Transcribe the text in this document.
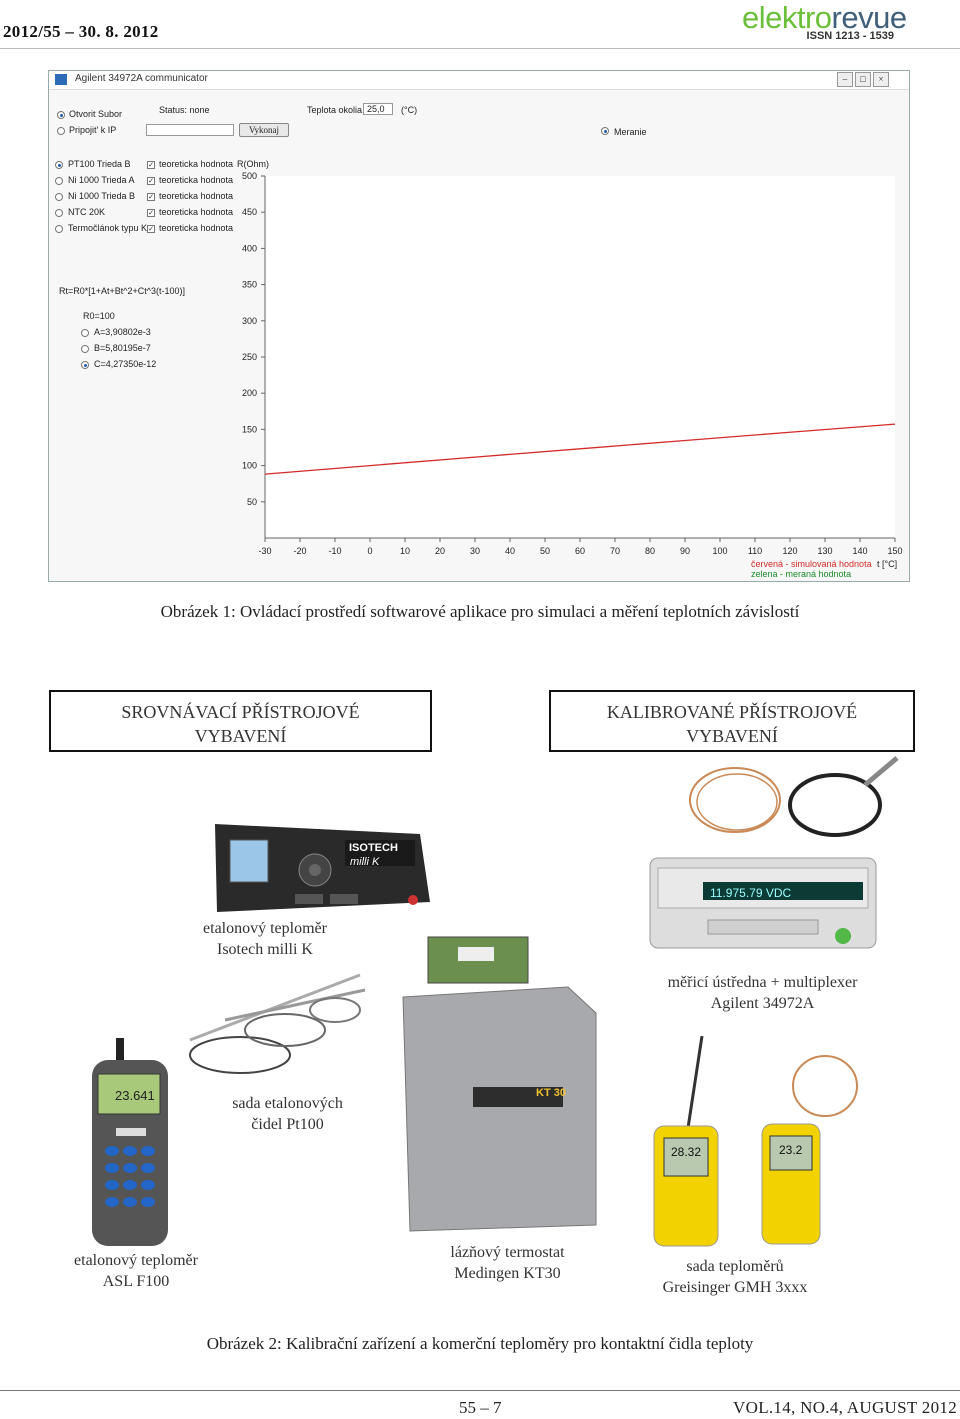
2012/55 – 30. 8. 2012	elektrorevue
ISSN 1213 - 1539
Agilent 34972A communicator	–	□	×
Otvorit Subor
Pripojit' k IP
Status: none
Vykonaj
Teplota okolia 25,0	(°C)
Meranie
PT100 Trieda B	✓ teoreticka hodnota
Ni 1000 Trieda A ✓ teoreticka hodnota
Ni 1000 Trieda B ✓ teoreticka hodnota
NTC 20K	✓ teoreticka hodnota
Termočlánok typu K ✓ teoreticka hodnota
Rt=R0*[1+At+Bt^2+Ct^3(t-100)]
R0=100
A=3,90802e-3
B=5,80195e-7
C=4,27350e-12
R(Ohm)
50
100
150
200
250
300
350
400
450
500
-30 -20 -10	0	10	20	30	40	50	60	70	80	90 100 110 120 130 140 150
červená - simulovaná hodnota
zelena - meraná hodnota
t [°C]
Obrázek 1: Ovládací prostředí softwarové aplikace pro simulaci a měření teplotních závislostí
SROVNÁVACÍ PŘÍSTROJOVÉ
VYBAVENÍ
KALIBROVANÉ PŘÍSTROJOVÉ
VYBAVENÍ
ISOTECH
milli K
etalonový teploměr
Isotech milli K
11.975.79 VDC
měřicí ústředna + multiplexer
Agilent 34972A
sada etalonových
čidel Pt100
23.641
etalonový teploměr
ASL F100
KT 30
lázňový termostat
Medingen KT30
28.32	23.2
sada teploměrů
Greisinger GMH 3xxx
Obrázek 2: Kalibrační zařízení a komerční teploměry pro kontaktní čidla teploty
55 – 7	VOL.14, NO.4, AUGUST 2012
